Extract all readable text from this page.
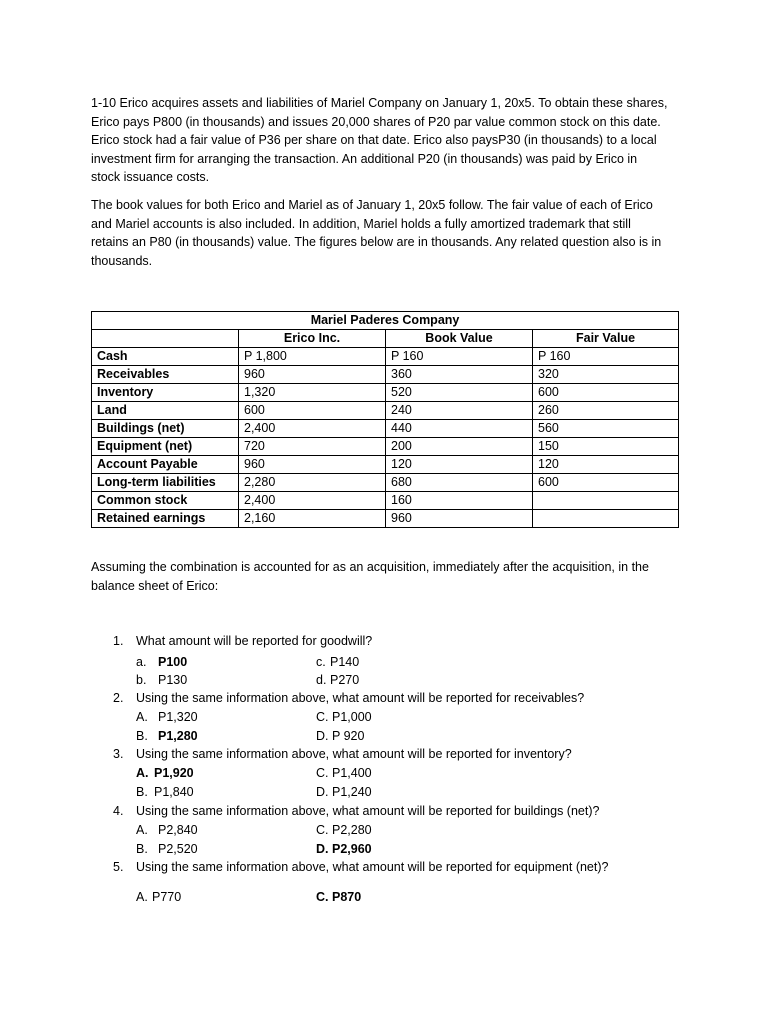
1-10 Erico acquires assets and liabilities of Mariel Company on January 1, 20x5. To obtain these shares,
Erico pays P800 (in thousands) and issues 20,000 shares of P20 par value common stock on this date.
Erico stock had a fair value of P36 per share on that date. Erico also paysP30 (in thousands) to a local
investment firm for arranging the transaction. An additional P20 (in thousands) was paid by Erico in
stock issuance costs.

The book values for both Erico and Mariel as of January 1, 20x5 follow. The fair value of each of Erico
and Mariel accounts is also included. In addition, Mariel holds a fully amortized trademark that still
retains an P80 (in thousands) value. The figures below are in thousands. Any related question also is in
thousands.

Mariel Paderes Company			
	Erico Inc.	Book Value	Fair Value
Cash	P 1,800	P 160	P 160
Receivables	960	360	320
Inventory	1,320	520	600
Land	600	240	260
Buildings (net)	2,400	440	560
Equipment (net)	720	200	150
Account Payable	960	120	120
Long-term liabilities	2,280	680	600
Common stock	2,400	160	
Retained earnings	2,160	960	

Assuming the combination is accounted for as an acquisition, immediately after the acquisition, in the
balance sheet of Erico:

1. What amount will be reported for goodwill?
a. P100	c. P140
b. P130	d. P270
2. Using the same information above, what amount will be reported for receivables?
A. P1,320	C. P1,000
B. P1,280	D. P 920
3. Using the same information above, what amount will be reported for inventory?
A. P1,920	C. P1,400
B. P1,840	D. P1,240
4. Using the same information above, what amount will be reported for buildings (net)?
A. P2,840	C. P2,280
B. P2,520	D. P2,960
5. Using the same information above, what amount will be reported for equipment (net)?
A. P770	C. P870
